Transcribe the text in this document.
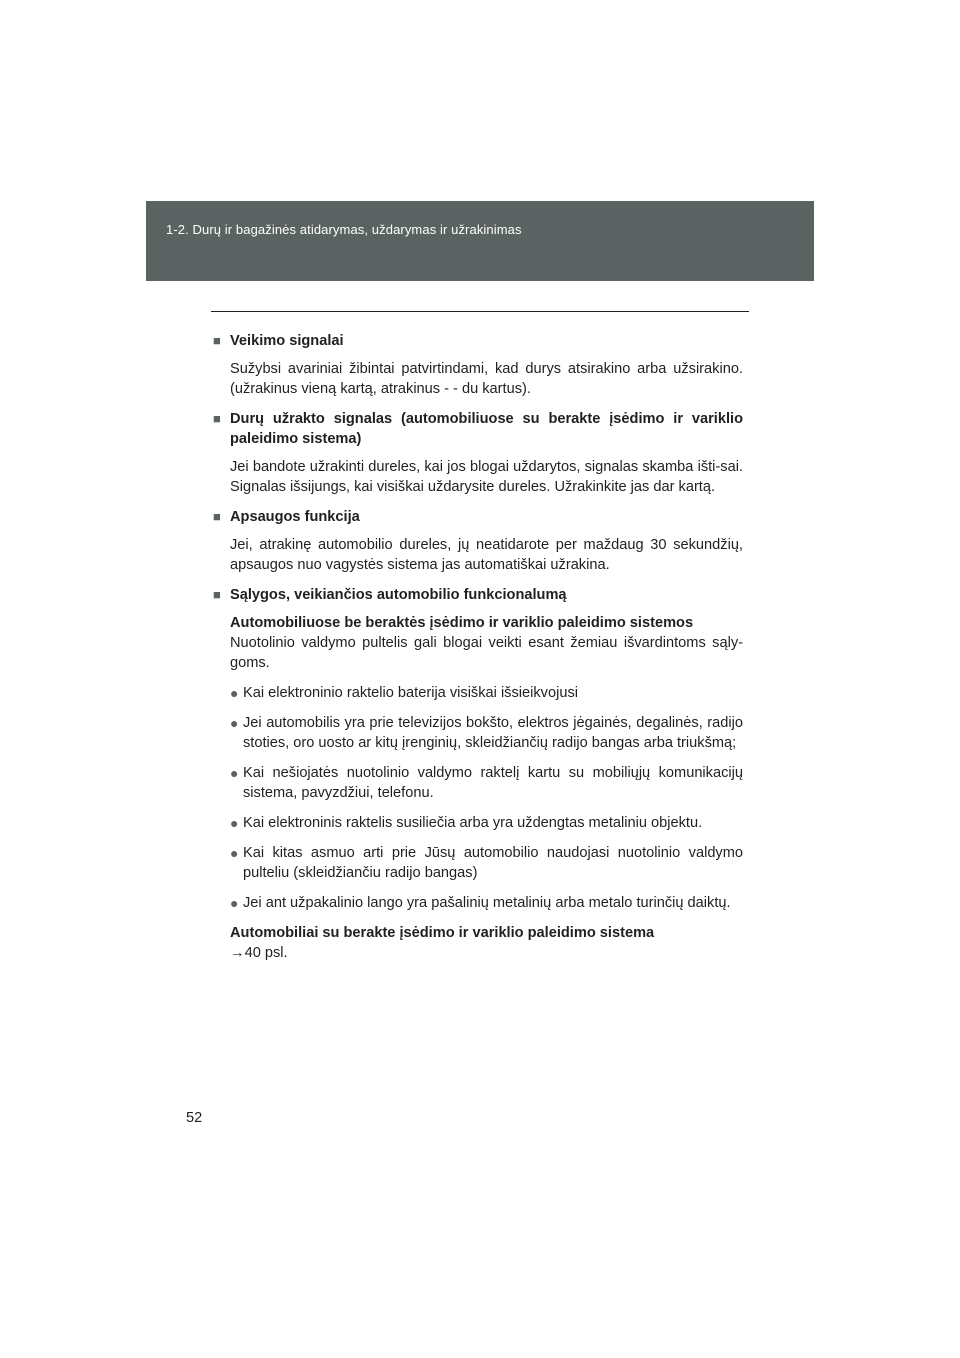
1-2. Durų ir bagažinės atidarymas, uždarymas ir užrakinimas
■ Veikimo signalai
Sužybsi avariniai žibintai patvirtindami, kad durys atsirakino arba užsirakino. (užrakinus vieną kartą, atrakinus - - du kartus).
■ Durų užrakto signalas (automobiliuose su berakte įsėdimo ir variklio paleidimo sistema)
Jei bandote užrakinti dureles, kai jos blogai uždarytos, signalas skamba išti-sai. Signalas išsijungs, kai visiškai uždarysite dureles. Užrakinkite jas dar kartą.
■ Apsaugos funkcija
Jei, atrakinę automobilio dureles, jų neatidarote per maždaug 30 sekundžių, apsaugos nuo vagystės sistema jas automatiškai užrakina.
■ Sąlygos, veikiančios automobilio funkcionalumą
Automobiliuose be beraktės įsėdimo ir variklio paleidimo sistemos
Nuotolinio valdymo pultelis gali blogai veikti esant žemiau išvardintoms sąly-goms.
● Kai elektroninio raktelio baterija visiškai išsieikvojusi
● Jei automobilis yra prie televizijos bokšto, elektros jėgainės, degalinės, radijo stoties, oro uosto ar kitų įrenginių, skleidžiančių radijo bangas arba triukšmą;
● Kai nešiojatės nuotolinio valdymo raktelį kartu su mobiliųjų komunikacijų sistema, pavyzdžiui, telefonu.
● Kai elektroninis raktelis susiliečia arba yra uždengtas metaliniu objektu.
● Kai kitas asmuo arti prie Jūsų automobilio naudojasi nuotolinio valdymo pulteliu (skleidžiančiu radijo bangas)
● Jei ant užpakalinio lango yra pašalinių metalinių arba metalo turinčių daiktų.
Automobiliai su berakte įsėdimo ir variklio paleidimo sistema
→40 psl.
52
